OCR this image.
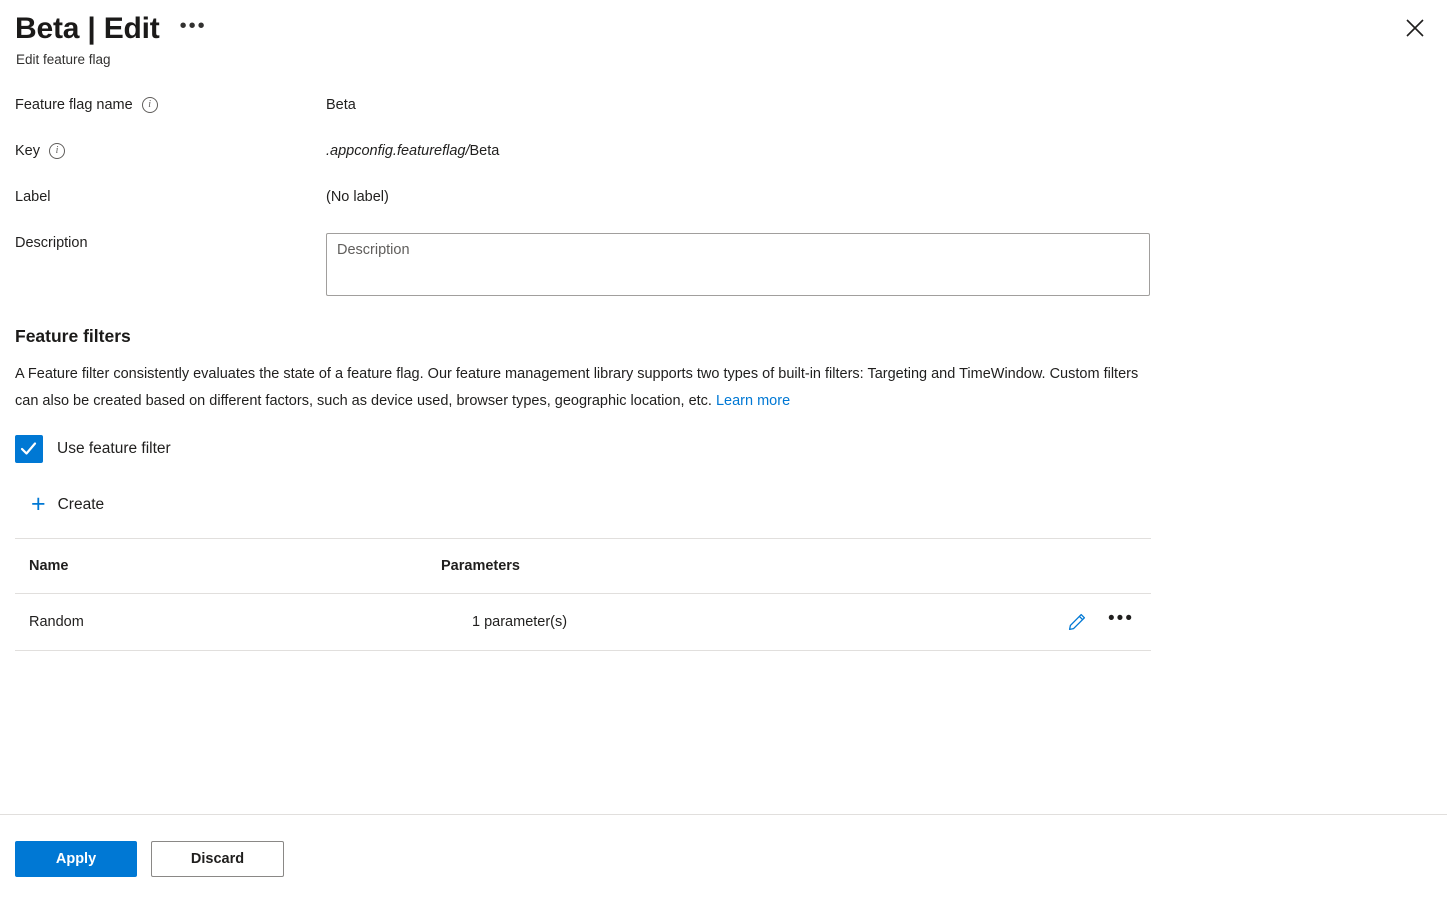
Beta | Edit	•••
Edit feature flag
Feature flag name	i	Beta
Key	i	.appconfig.featureflag/Beta
Label	(No label)
Description
Description
Feature filters
A Feature filter consistently evaluates the state of a feature flag. Our feature management library supports two types of built-in filters: Targeting and TimeWindow. Custom filters can also be created based on different factors, such as device used, browser types, geographic location, etc. Learn more
Use feature filter
+ Create
Name	Parameters
Random	1 parameter(s)	•••
Apply	Discard
